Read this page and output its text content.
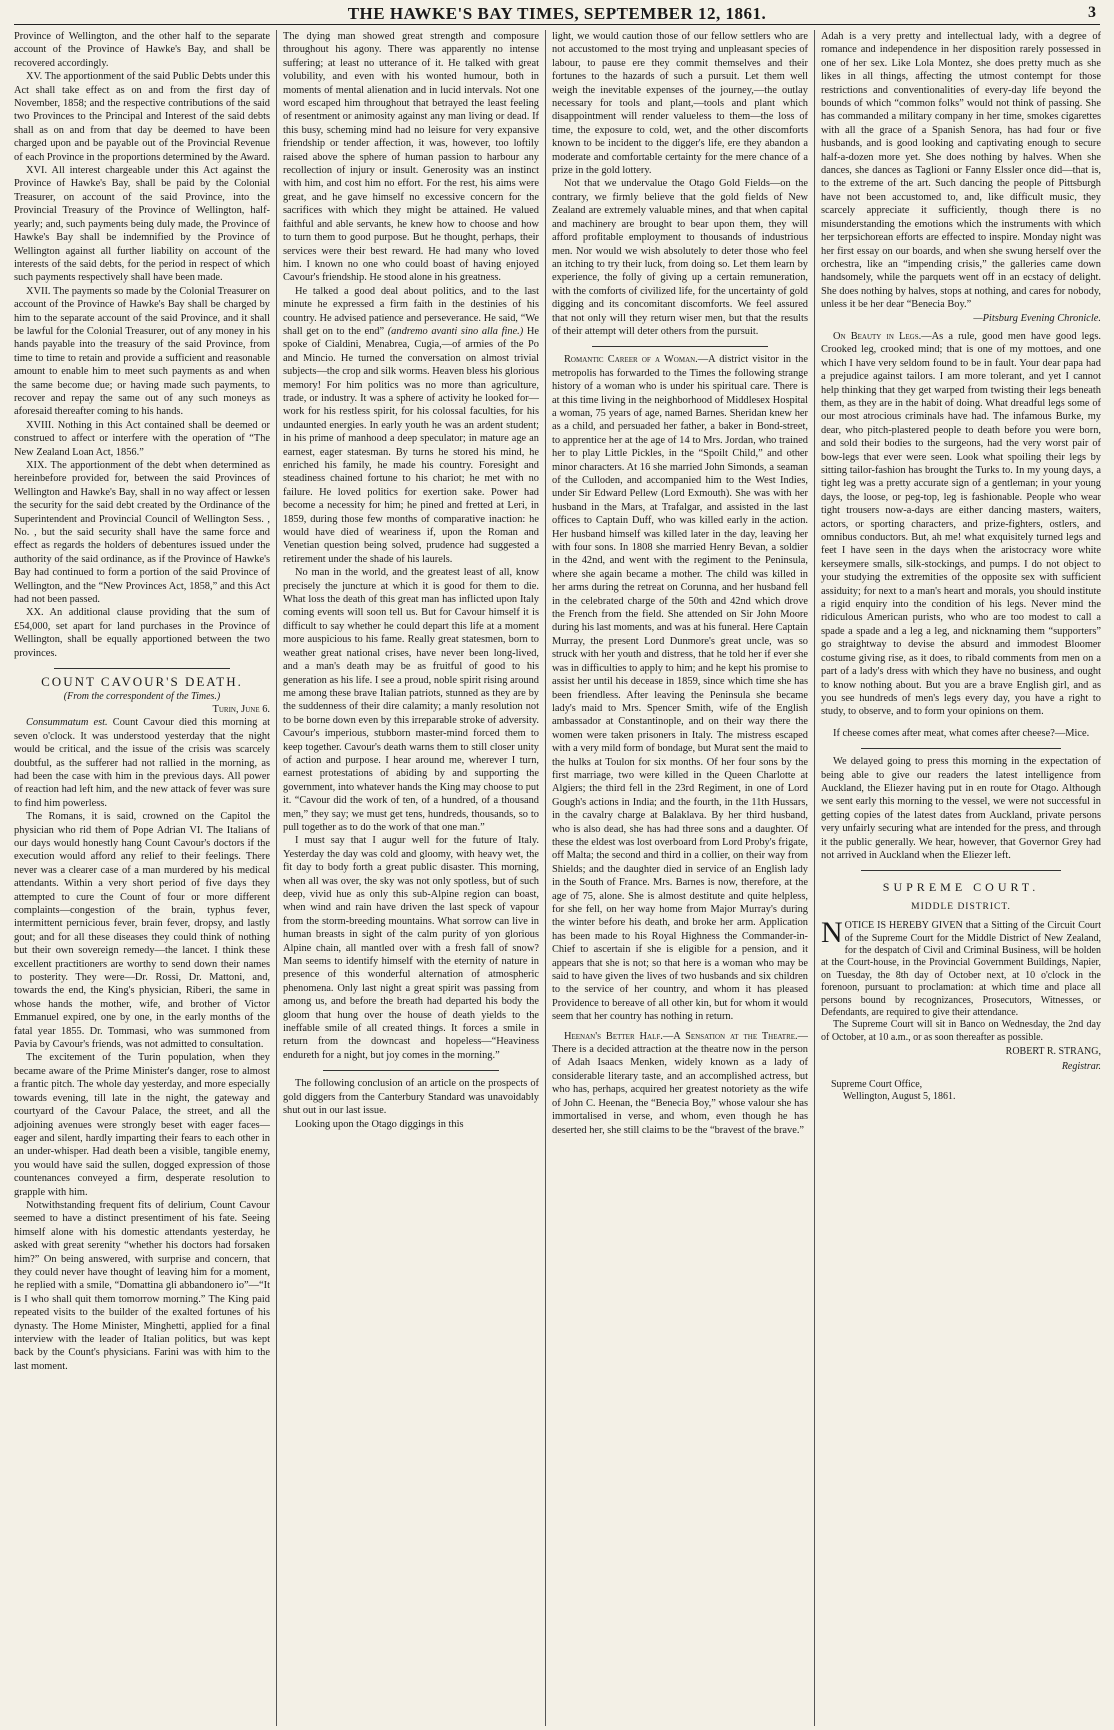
THE HAWKE'S BAY TIMES, SEPTEMBER 12, 1861.	3

Province of Wellington, and the other half to the separate account of the Province of Hawke's Bay, and shall be recovered accordingly.

XV. The apportionment of the said Public Debts under this Act shall take effect as on and from the first day of November, 1858; and the respective contributions of the said two Provinces to the Principal and Interest of the said debts shall as on and from that day be deemed to have been charged upon and be payable out of the Provincial Revenue of each Province in the proportions determined by the Award.

XVI. All interest chargeable under this Act against the Province of Hawke's Bay, shall be paid by the Colonial Treasurer, on account of the said Province, into the Provincial Treasury of the Province of Wellington, half-yearly; and, such payments being duly made, the Province of Hawke's Bay shall be indemnified by the Province of Wellington against all further liability on account of the interests of the said debts, for the period in respect of which such payments respectively shall have been made.

XVII. The payments so made by the Colonial Treasurer on account of the Province of Hawke's Bay shall be charged by him to the separate account of the said Province, and it shall be lawful for the Colonial Treasurer, out of any money in his hands payable into the treasury of the said Province, from time to time to retain and provide a sufficient and reasonable amount to enable him to meet such payments as and when the same become due; or having made such payments, to recover and repay the same out of any such moneys as aforesaid thereafter coming to his hands.

XVIII. Nothing in this Act contained shall be deemed or construed to affect or interfere with the operation of “The New Zealand Loan Act, 1856.”

XIX. The apportionment of the debt when determined as hereinbefore provided for, between the said Provinces of Wellington and Hawke's Bay, shall in no way affect or lessen the security for the said debt created by the Ordinance of the Superintendent and Provincial Council of Wellington Sess. , No. , but the said security shall have the same force and effect as regards the holders of debentures issued under the authority of the said ordinance, as if the Province of Hawke's Bay had continued to form a portion of the said Province of Wellington, and the “New Provinces Act, 1858,” and this Act had not been passed.

XX. An additional clause providing that the sum of £54,000, set apart for land purchases in the Province of Wellington, shall be equally apportioned between the two provinces.

COUNT CAVOUR'S DEATH.
(From the correspondent of the Times.)
Turin, June 6.

Consummatum est. Count Cavour died this morning at seven o'clock. It was understood yesterday that the night would be critical, and the issue of the crisis was scarcely doubtful, as the sufferer had not rallied in the morning, as had been the case with him in the previous days. All power of reaction had left him, and the new attack of fever was sure to find him powerless.

The Romans, it is said, crowned on the Capitol the physician who rid them of Pope Adrian VI. The Italians of our days would honestly hang Count Cavour's doctors if the execution would afford any relief to their feelings. There never was a clearer case of a man murdered by his medical attendants. Within a very short period of five days they attempted to cure the Count of four or more different complaints—congestion of the brain, typhus fever, intermittent pernicious fever, brain fever, dropsy, and lastly gout; and for all these diseases they could think of nothing but their own sovereign remedy—the lancet. I think these excellent practitioners are worthy to send down their names to posterity. They were—Dr. Rossi, Dr. Mattoni, and, towards the end, the King's physician, Riberi, the same in whose hands the mother, wife, and brother of Victor Emmanuel expired, one by one, in the early months of the fatal year 1855. Dr. Tommasi, who was summoned from Pavia by Cavour's friends, was not admitted to consultation.

The excitement of the Turin population, when they became aware of the Prime Minister's danger, rose to almost a frantic pitch. The whole day yesterday, and more especially towards evening, till late in the night, the gateway and courtyard of the Cavour Palace, the street, and all the adjoining avenues were strongly beset with eager faces—eager and silent, hardly imparting their fears to each other in an under-whisper. Had death been a visible, tangible enemy, you would have said the sullen, dogged expression of those countenances conveyed a firm, desperate resolution to grapple with him.

Notwithstanding frequent fits of delirium, Count Cavour seemed to have a distinct presentiment of his fate. Seeing himself alone with his domestic attendants yesterday, he asked with great serenity “whether his doctors had forsaken him?” On being answered, with surprise and concern, that they could never have thought of leaving him for a moment, he replied with a smile, “Domattina gli abbandonero io”—“It is I who shall quit them tomorrow morning.” The King paid repeated visits to the builder of the exalted fortunes of his dynasty. The Home Minister, Minghetti, applied for a final interview with the leader of Italian politics, but was kept back by the Count's physicians. Farini was with him to the last moment.

The dying man showed great strength and composure throughout his agony. There was apparently no intense suffering; at least no utterance of it. He talked with great volubility, and even with his wonted humour, both in moments of mental alienation and in lucid intervals. Not one word escaped him throughout that betrayed the least feeling of resentment or animosity against any man living or dead. If this busy, scheming mind had no leisure for very expansive friendship or tender affection, it was, however, too loftily raised above the sphere of human passion to harbour any recollection of injury or insult. Generosity was an instinct with him, and cost him no effort. For the rest, his aims were great, and he gave himself no excessive concern for the sacrifices with which they might be attained. He valued faithful and able servants, he knew how to choose and how to turn them to good purpose. But he thought, perhaps, their services were their best reward. He had many who loved him. I known no one who could boast of having enjoyed Cavour's friendship. He stood alone in his greatness.

He talked a good deal about politics, and to the last minute he expressed a firm faith in the destinies of his country. He advised patience and perseverance. He said, “We shall get on to the end” (andremo avanti sino alla fine.) He spoke of Cialdini, Menabrea, Cugia,—of armies of the Po and Mincio. He turned the conversation on almost trivial subjects—the crop and silk worms. Heaven bless his glorious memory! For him politics was no more than agriculture, trade, or industry. It was a sphere of activity he looked for—work for his restless spirit, for his colossal faculties, for his undaunted energies. In early youth he was an ardent student; in his prime of manhood a deep speculator; in mature age an earnest, eager statesman. By turns he stored his mind, he enriched his family, he made his country. Foresight and steadiness chained fortune to his chariot; he met with no failure. He loved politics for exertion sake. Power had become a necessity for him; he pined and fretted at Leri, in 1859, during those few months of comparative inaction: he would have died of weariness if, upon the Roman and Venetian question being solved, prudence had suggested a retirement under the shade of his laurels.

No man in the world, and the greatest least of all, know precisely the juncture at which it is good for them to die. What loss the death of this great man has inflicted upon Italy coming events will soon tell us. But for Cavour himself it is difficult to say whether he could depart this life at a moment more auspicious to his fame. Really great statesmen, born to weather great national crises, have never been long-lived, and a man's death may be as fruitful of good to his generation as his life. I see a proud, noble spirit rising around me among these brave Italian patriots, stunned as they are by the suddenness of their dire calamity; a manly resolution not to be borne down even by this irreparable stroke of adversity. Cavour's imperious, stubborn master-mind forced them to keep together. Cavour's death warns them to still closer unity of action and purpose. I hear around me, wherever I turn, earnest protestations of abiding by and supporting the government, into whatever hands the King may choose to put it. “Cavour did the work of ten, of a hundred, of a thousand men,” they say; we must get tens, hundreds, thousands, so to pull together as to do the work of that one man.”

I must say that I augur well for the future of Italy. Yesterday the day was cold and gloomy, with heavy wet, the fit day to body forth a great public disaster. This morning, when all was over, the sky was not only spotless, but of such deep, vivid hue as only this sub-Alpine region can boast, when wind and rain have driven the last speck of vapour from the storm-breeding mountains. What sorrow can live in human breasts in sight of the calm purity of yon glorious Alpine chain, all mantled over with a fresh fall of snow? Man seems to identify himself with the eternity of nature in presence of this wonderful alternation of atmospheric phenomena. Only last night a great spirit was passing from among us, and before the breath had departed his body the gloom that hung over the house of death yields to the ineffable smile of all created things. It forces a smile in return from the downcast and hopeless—“Heaviness endureth for a night, but joy comes in the morning.”

The following conclusion of an article on the prospects of gold diggers from the Canterbury Standard was unavoidably shut out in our last issue.

Looking upon the Otago diggings in this

light, we would caution those of our fellow settlers who are not accustomed to the most trying and unpleasant species of labour, to pause ere they commit themselves and their fortunes to the hazards of such a pursuit. Let them well weigh the inevitable expenses of the journey,—the outlay necessary for tools and plant,—tools and plant which disappointment will render valueless to them—the loss of time, the exposure to cold, wet, and the other discomforts known to be incident to the digger's life, ere they abandon a moderate and comfortable certainty for the mere chance of a prize in the gold lottery.

Not that we undervalue the Otago Gold Fields—on the contrary, we firmly believe that the gold fields of New Zealand are extremely valuable mines, and that when capital and machinery are brought to bear upon them, they will afford profitable employment to thousands of industrious men. Nor would we wish absolutely to deter those who feel an itching to try their luck, from doing so. Let them learn by experience, the folly of giving up a certain remuneration, with the comforts of civilized life, for the uncertainty of gold digging and its concomitant discomforts. We feel assured that not only will they return wiser men, but that the results of their attempt will deter others from the pursuit.

Romantic Career of a Woman.—A district visitor in the metropolis has forwarded to the Times the following strange history of a woman who is under his spiritual care. There is at this time living in the neighborhood of Middlesex Hospital a woman, 75 years of age, named Barnes. Sheridan knew her as a child, and persuaded her father, a baker in Bond-street, to apprentice her at the age of 14 to Mrs. Jordan, who trained her to play Little Pickles, in the “Spoilt Child,” and other minor characters. At 16 she married John Simonds, a seaman of the Culloden, and accompanied him to the West Indies, under Sir Edward Pellew (Lord Exmouth). She was with her husband in the Mars, at Trafalgar, and assisted in the last offices to Captain Duff, who was killed early in the action. Her husband himself was killed later in the day, leaving her with four sons. In 1808 she married Henry Bevan, a soldier in the 42nd, and went with the regiment to the Peninsula, where she again became a mother. The child was killed in her arms during the retreat on Corunna, and her husband fell in the celebrated charge of the 50th and 42nd which drove the French from the field. She attended on Sir John Moore during his last moments, and was at his funeral. Here Captain Murray, the present Lord Dunmore's great uncle, was so struck with her youth and distress, that he told her if ever she was in difficulties to apply to him; and he kept his promise to assist her until his decease in 1859, since which time she has been friendless. After leaving the Peninsula she became lady's maid to Mrs. Spencer Smith, wife of the English ambassador at Constantinople, and on their way there the women were taken prisoners in Italy. The mistress escaped with a very mild form of bondage, but Murat sent the maid to the hulks at Toulon for six months. Of her four sons by the first marriage, two were killed in the Queen Charlotte at Algiers; the third fell in the 23rd Regiment, in one of Lord Gough's actions in India; and the fourth, in the 11th Hussars, in the cavalry charge at Balaklava. By her third husband, who is also dead, she has had three sons and a daughter. Of these the eldest was lost overboard from Lord Proby's frigate, off Malta; the second and third in a collier, on their way from Shields; and the daughter died in service of an English lady in the South of France. Mrs. Barnes is now, therefore, at the age of 75, alone. She is almost destitute and quite helpless, for she fell, on her way home from Major Murray's during the winter before his death, and broke her arm. Application has been made to his Royal Highness the Commander-in-Chief to ascertain if she is eligible for a pension, and it appears that she is not; so that here is a woman who may be said to have given the lives of two husbands and six children to the service of her country, and whom it has pleased Providence to bereave of all other kin, but for whom it would seem that her country has nothing in return.

Heenan's Better Half.—A Sensation at the Theatre.—There is a decided attraction at the theatre now in the person of Adah Isaacs Menken, widely known as a lady of considerable literary taste, and an accomplished actress, but who has, perhaps, acquired her greatest notoriety as the wife of John C. Heenan, the “Benecia Boy,” whose valour she has immortalised in verse, and whom, even though he has deserted her, she still claims to be the “bravest of the brave.”

Adah is a very pretty and intellectual lady, with a degree of romance and independence in her disposition rarely possessed in one of her sex. Like Lola Montez, she does pretty much as she likes in all things, affecting the utmost contempt for those restrictions and conventionalities of every-day life beyond the bounds of which “common folks” would not think of passing. She has commanded a military company in her time, smokes cigarettes with all the grace of a Spanish Senora, has had four or five husbands, and is good looking and captivating enough to secure half-a-dozen more yet. She does nothing by halves. When she dances, she dances as Taglioni or Fanny Elssler once did—that is, to the extreme of the art. Such dancing the people of Pittsburgh have not been accustomed to, and, like difficult music, they scarcely appreciate it sufficiently, though there is no misunderstanding the emotions which the instruments with which her terpsichorean efforts are effected to inspire. Monday night was her first essay on our boards, and when she swung herself over the orchestra, like an “impending crisis,” the galleries came down handsomely, while the parquets went off in an ecstacy of delight. She does nothing by halves, stops at nothing, and cares for nobody, unless it be her dear “Benecia Boy.”

—Pitsburg Evening Chronicle.

On Beauty in Legs.—As a rule, good men have good legs. Crooked leg, crooked mind; that is one of my mottoes, and one which I have very seldom found to be in fault. Your dear papa had a prejudice against tailors. I am more tolerant, and yet I cannot help thinking that they get warped from twisting their legs beneath them, as they are in the habit of doing. What dreadful legs some of our most atrocious criminals have had. The infamous Burke, my dear, who pitch-plastered people to death before you were born, and sold their bodies to the surgeons, had the very worst pair of bow-legs that ever were seen. Look what spoiling their legs by sitting tailor-fashion has brought the Turks to. In my young days, a tight leg was a pretty accurate sign of a gentleman; in your young days, the loose, or peg-top, leg is fashionable. People who wear tight trousers now-a-days are either dancing masters, waiters, actors, or sporting characters, and prize-fighters, ostlers, and omnibus conductors. But, ah me! what exquisitely turned legs and feet I have seen in the days when the aristocracy wore white kerseymere smalls, silk-stockings, and pumps. I do not object to your studying the extremities of the opposite sex with sufficient assiduity; for next to a man's heart and morals, you should institute a rigid enquiry into the condition of his legs. Never mind the ridiculous American purists, who who are too modest to call a spade a spade and a leg a leg, and nicknaming them “supporters” go straightway to devise the absurd and immodest Bloomer costume giving rise, as it does, to ribald comments from men on a part of a lady's dress with which they have no business, and ought to know nothing about. But you are a brave English girl, and as you see hundreds of men's legs every day, you have a right to study, to observe, and to form your opinions on them.

If cheese comes after meat, what comes after cheese?—Mice.

We delayed going to press this morning in the expectation of being able to give our readers the latest intelligence from Auckland, the Eliezer having put in en route for Otago. Although we sent early this morning to the vessel, we were not successful in getting copies of the latest dates from Auckland, private persons very unfairly securing what are intended for the press, and through it the public generally. We hear, however, that Governor Grey had not arrived in Auckland when the Eliezer left.

SUPREME COURT.
MIDDLE DISTRICT.
NOTICE IS HEREBY GIVEN that a Sitting of the Circuit Court of the Supreme Court for the Middle District of New Zealand, for the despatch of Civil and Criminal Business, will be holden at the Court-house, in the Provincial Government Buildings, Napier, on Tuesday, the 8th day of October next, at 10 o'clock in the forenoon, pursuant to proclamation: at which time and place all persons bound by recognizances, Prosecutors, Witnesses, or Defendants, are required to give their attendance.

The Supreme Court will sit in Banco on Wednesday, the 2nd day of October, at 10 a.m., or as soon thereafter as possible.

ROBERT R. STRANG,
Registrar.

Supreme Court Office,

Wellington, August 5, 1861.
